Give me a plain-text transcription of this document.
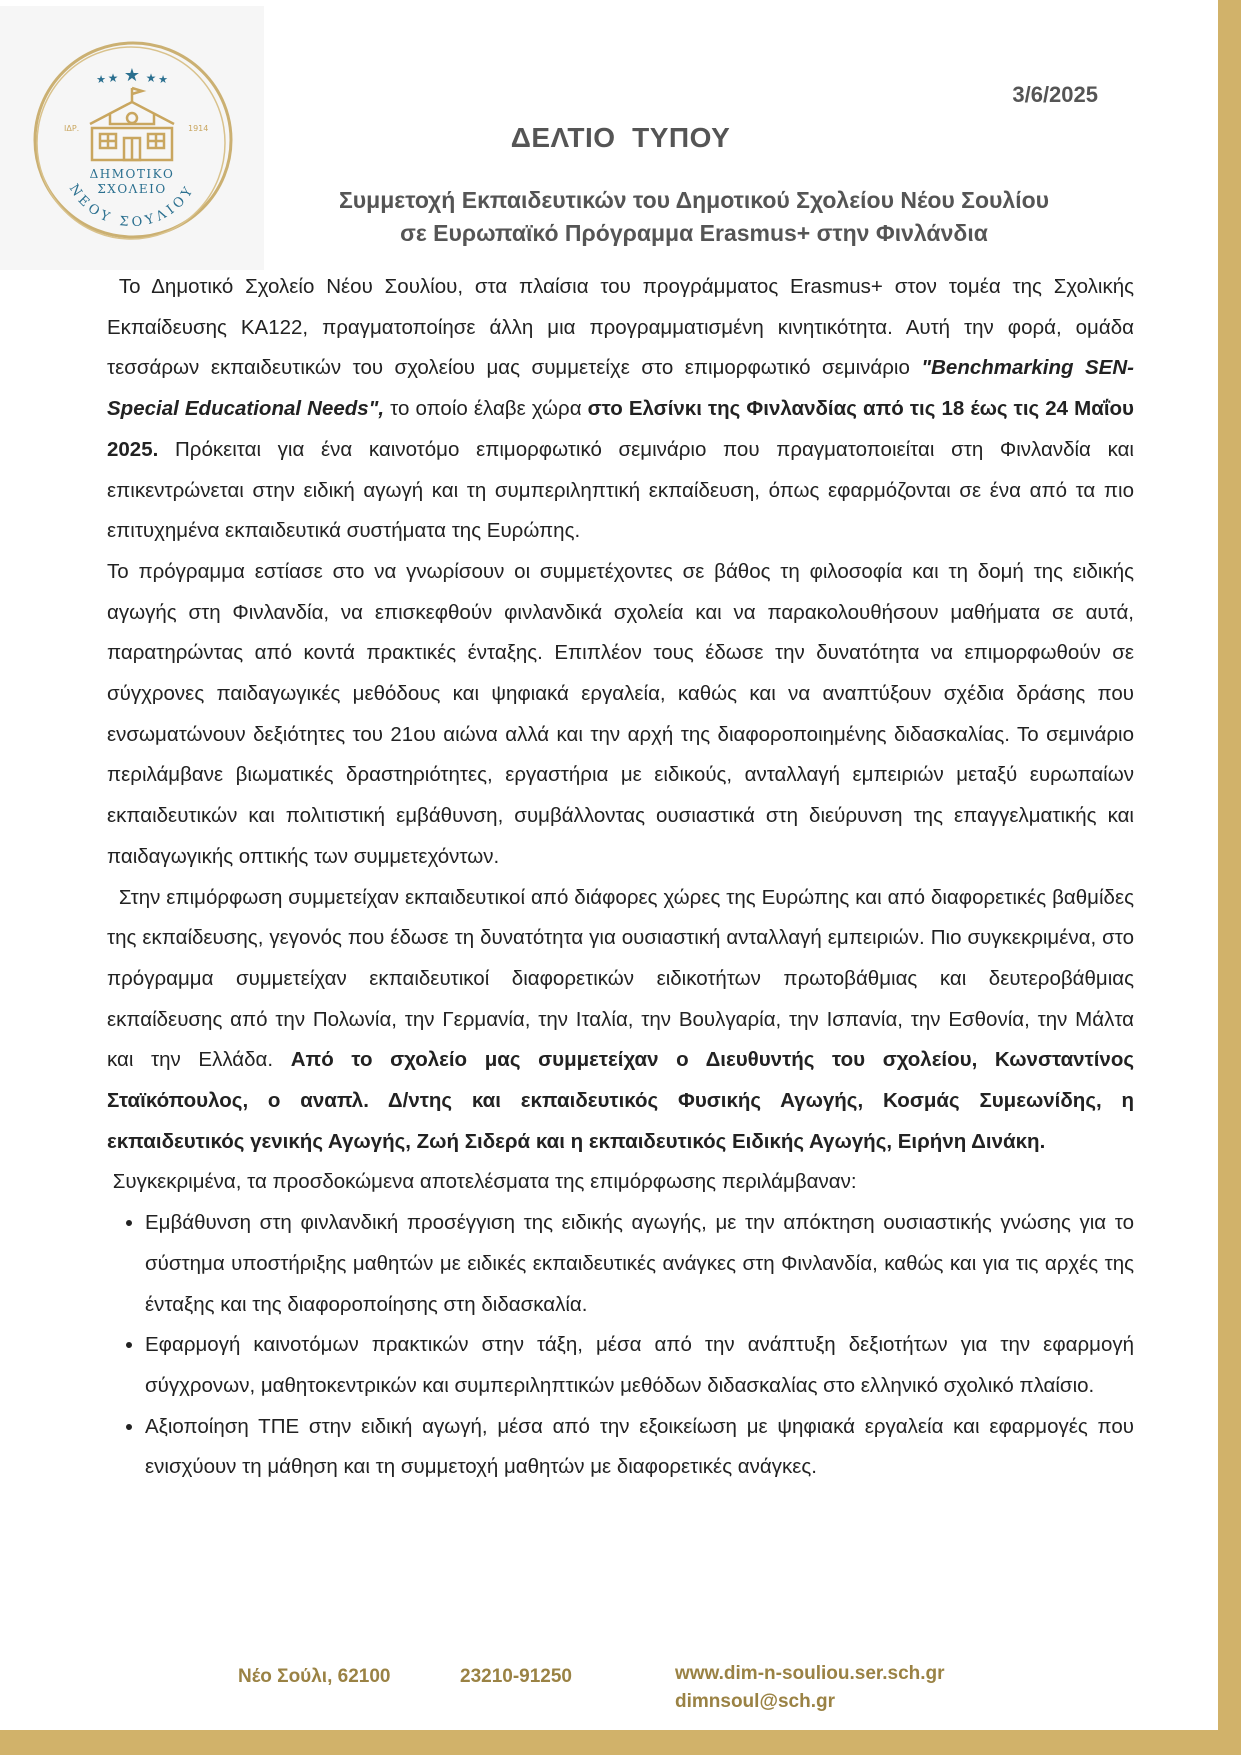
★
★ ★
★	★
ΙΔΡ.	1914
ΔΗΜΟΤΙΚΟ
ΣΧΟΛΕΙΟ
ΝΕΟΥ ΣΟΥΛΙΟΥ
3/6/2025
ΔΕΛΤΙΟ  ΤΥΠΟΥ
Συμμετοχή Εκπαιδευτικών του Δημοτικού Σχολείου Νέου Σουλίου
σε Ευρωπαϊκό Πρόγραμμα Erasmus+ στην Φινλάνδια

Το Δημοτικό Σχολείο Νέου Σουλίου, στα πλαίσια του προγράμματος Erasmus+ στον τομέα της Σχολικής Εκπαίδευσης ΚΑ122, πραγματοποίησε άλλη μια προγραμματισμένη κινητικότητα. Αυτή την φορά, ομάδα τεσσάρων εκπαιδευτικών του σχολείου μας συμμετείχε στο επιμορφωτικό σεμινάριο "Benchmarking SEN-Special Educational Needs", το οποίο έλαβε χώρα στο Ελσίνκι της Φινλανδίας από τις 18 έως τις 24 Μαΐου 2025. Πρόκειται για ένα καινοτόμο επιμορφωτικό σεμινάριο που πραγματοποιείται στη Φινλανδία και επικεντρώνεται στην ειδική αγωγή και τη συμπεριληπτική εκπαίδευση, όπως εφαρμόζονται σε ένα από τα πιο επιτυχημένα εκπαιδευτικά συστήματα της Ευρώπης.

Το πρόγραμμα εστίασε στο να γνωρίσουν οι συμμετέχοντες σε βάθος τη φιλοσοφία και τη δομή της ειδικής αγωγής στη Φινλανδία, να επισκεφθούν φινλανδικά σχολεία και να παρακολουθήσουν μαθήματα σε αυτά, παρατηρώντας από κοντά πρακτικές ένταξης. Επιπλέον τους έδωσε την δυνατότητα να επιμορφωθούν σε σύγχρονες παιδαγωγικές μεθόδους και ψηφιακά εργαλεία, καθώς και να αναπτύξουν σχέδια δράσης που ενσωματώνουν δεξιότητες του 21ου αιώνα αλλά και την αρχή της διαφοροποιημένης διδασκαλίας. Το σεμινάριο περιλάμβανε βιωματικές δραστηριότητες, εργαστήρια με ειδικούς, ανταλλαγή εμπειριών μεταξύ ευρωπαίων εκπαιδευτικών και πολιτιστική εμβάθυνση, συμβάλλοντας ουσιαστικά στη διεύρυνση της επαγγελματικής και παιδαγωγικής οπτικής των συμμετεχόντων.

Στην επιμόρφωση συμμετείχαν εκπαιδευτικοί από διάφορες χώρες της Ευρώπης και από διαφορετικές βαθμίδες της εκπαίδευσης, γεγονός που έδωσε τη δυνατότητα για ουσιαστική ανταλλαγή εμπειριών. Πιο συγκεκριμένα, στο πρόγραμμα συμμετείχαν εκπαιδευτικοί διαφορετικών ειδικοτήτων πρωτοβάθμιας και δευτεροβάθμιας εκπαίδευσης από την Πολωνία, την Γερμανία, την Ιταλία, την Βουλγαρία, την Ισπανία, την Εσθονία, την Μάλτα και την Ελλάδα. Από το σχολείο μας συμμετείχαν ο Διευθυντής του σχολείου, Κωνσταντίνος Σταϊκόπουλος, ο αναπλ. Δ/ντης και εκπαιδευτικός Φυσικής Αγωγής, Κοσμάς Συμεωνίδης, η εκπαιδευτικός γενικής Αγωγής, Ζωή Σιδερά και η εκπαιδευτικός Ειδικής Αγωγής, Ειρήνη Δινάκη.

Συγκεκριμένα, τα προσδοκώμενα αποτελέσματα της επιμόρφωσης περιλάμβαναν:

• Εμβάθυνση στη φινλανδική προσέγγιση της ειδικής αγωγής, με την απόκτηση ουσιαστικής γνώσης για το σύστημα υποστήριξης μαθητών με ειδικές εκπαιδευτικές ανάγκες στη Φινλανδία, καθώς και για τις αρχές της ένταξης και της διαφοροποίησης στη διδασκαλία.
• Εφαρμογή καινοτόμων πρακτικών στην τάξη, μέσα από την ανάπτυξη δεξιοτήτων για την εφαρμογή σύγχρονων, μαθητοκεντρικών και συμπεριληπτικών μεθόδων διδασκαλίας στο ελληνικό σχολικό πλαίσιο.
• Αξιοποίηση ΤΠΕ στην ειδική αγωγή, μέσα από την εξοικείωση με ψηφιακά εργαλεία και εφαρμογές που ενισχύουν τη μάθηση και τη συμμετοχή μαθητών με διαφορετικές ανάγκες.
Νέο Σούλι, 62100	23210-91250	www.dim-n-souliou.ser.sch.gr
dimnsoul@sch.gr
